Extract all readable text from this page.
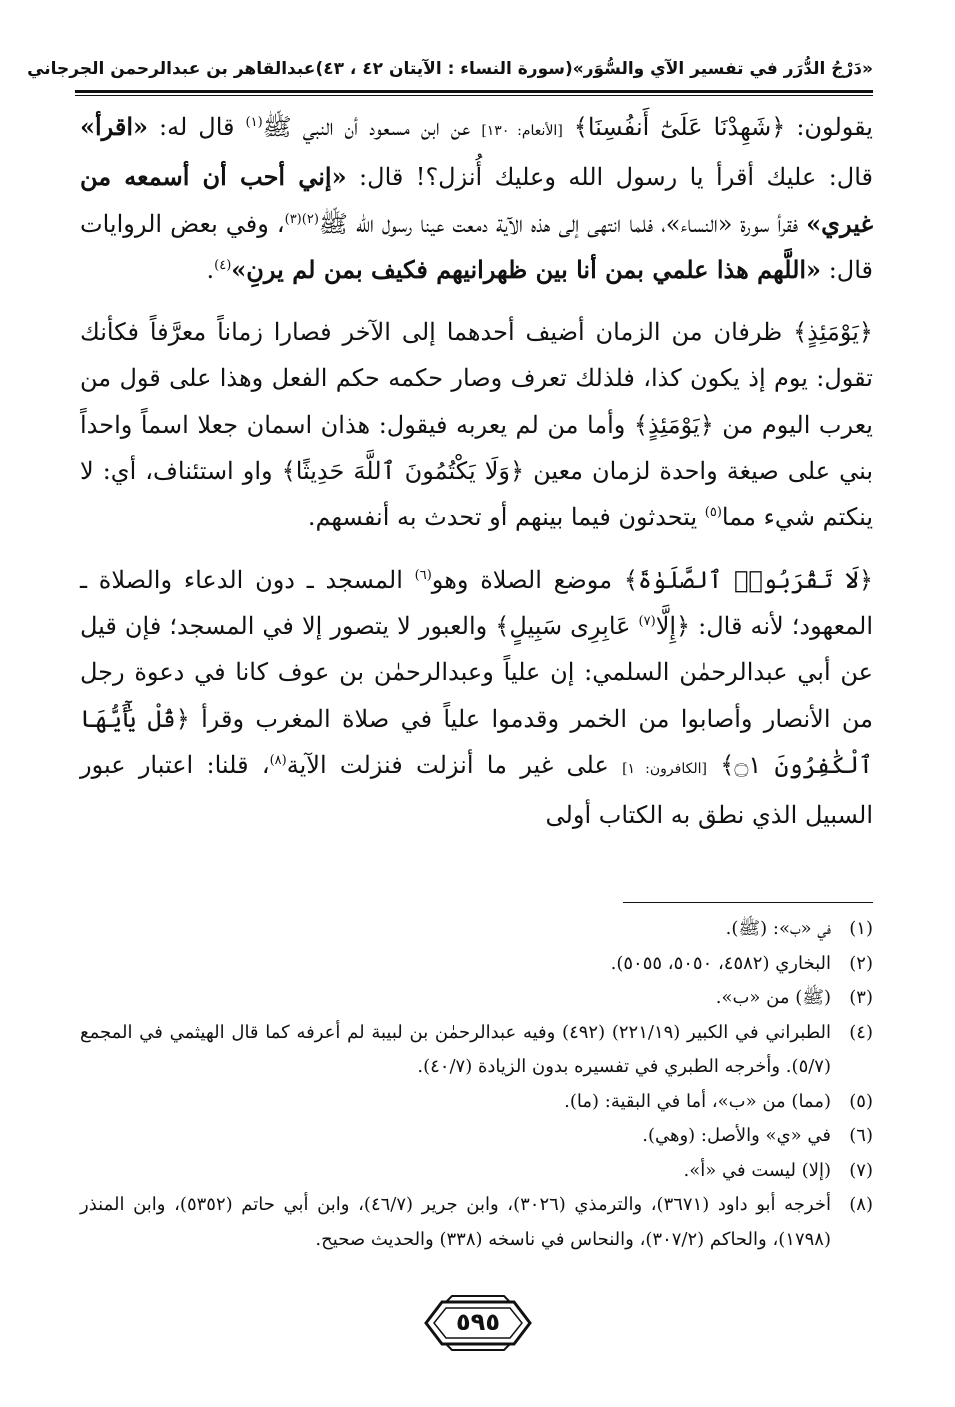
«دَرْجُ الدُّرَر في تفسير الآي والسُّوَر»
(سورة النساء : الآيتان ٤٢ ، ٤٣)
عبدالقاهر بن عبدالرحمن الجرجاني

يقولون: ﴿شَهِدْنَا عَلَىٰٓ أَنفُسِنَا﴾ [الأنعام: ١٣٠] عن ابن مسعود أن النبي ﷺ$^{(١)}$ قال له: «اقرأ» قال: عليك أقرأ يا رسول الله وعليك أُنزل؟! قال: «إني أحب أن أسمعه من غيري» فقرأ سورة «النساء»، فلما انتهى إلى هذه الآية دمعت عينا رسول الله ﷺ$^{(٢)(٣)}$، وفي بعض الروايات قال: «اللَّهم هذا علمي بمن أنا بين ظهرانيهم فكيف بمن لم يرنِ»$^{(٤)}$.

﴿يَوْمَئِذٍ﴾ ظرفان من الزمان أضيف أحدهما إلى الآخر فصارا زماناً معرَّفاً فكأنك تقول: يوم إذ يكون كذا، فلذلك تعرف وصار حكمه حكم الفعل وهذا على قول من يعرب اليوم من ﴿يَوْمَئِذٍ﴾ وأما من لم يعربه فيقول: هذان اسمان جعلا اسماً واحداً بني على صيغة واحدة لزمان معين ﴿وَلَا يَكْتُمُونَ ٱللَّهَ حَدِيثًا﴾ واو استئناف، أي: لا ينكتم شيء مما$^{(٥)}$ يتحدثون فيما بينهم أو تحدث به أنفسهم.

﴿لَا تَقْرَبُوا۟ ٱلصَّلَوٰةَ﴾ موضع الصلاة وهو$^{(٦)}$ المسجد ـ دون الدعاء والصلاة ـ المعهود؛ لأنه قال: ﴿إِلَّا$^{(٧)}$ عَابِرِى سَبِيلٍ﴾ والعبور لا يتصور إلا في المسجد؛ فإن قيل عن أبي عبدالرحمٰن السلمي: إن علياً وعبدالرحمٰن بن عوف كانا في دعوة رجل من الأنصار وأصابوا من الخمر وقدموا علياً في صلاة المغرب وقرأ ﴿قُلْ يَٰٓأَيُّهَا ٱلْكَٰفِرُونَ ۝١﴾ [الكافرون: ١] على غير ما أنزلت فنزلت الآية$^{(٨)}$، قلنا: اعتبار عبور السبيل الذي نطق به الكتاب أولى

(١)
في «ب»: (ﷺ).
(٢)
البخاري (٤٥٨٢، ٥٠٥٠، ٥٠٥٥).
(٣)
(ﷺ) من «ب».
(٤)
الطبراني في الكبير (٢٢١/١٩) (٤٩٢) وفيه عبدالرحمٰن بن لبيبة لم أعرفه كما قال الهيثمي في المجمع (٥/٧). وأخرجه الطبري في تفسيره بدون الزيادة (٤٠/٧).
(٥)
(مما) من «ب»، أما في البقية: (ما).
(٦)
في «ي» والأصل: (وهي).
(٧)
(إلا) ليست في «أ».
(٨)
أخرجه أبو داود (٣٦٧١)، والترمذي (٣٠٢٦)، وابن جرير (٤٦/٧)، وابن أبي حاتم (٥٣٥٢)، وابن المنذر (١٧٩٨)، والحاكم (٣٠٧/٢)، والنحاس في ناسخه (٣٣٨) والحديث صحيح.
٥٩٥
